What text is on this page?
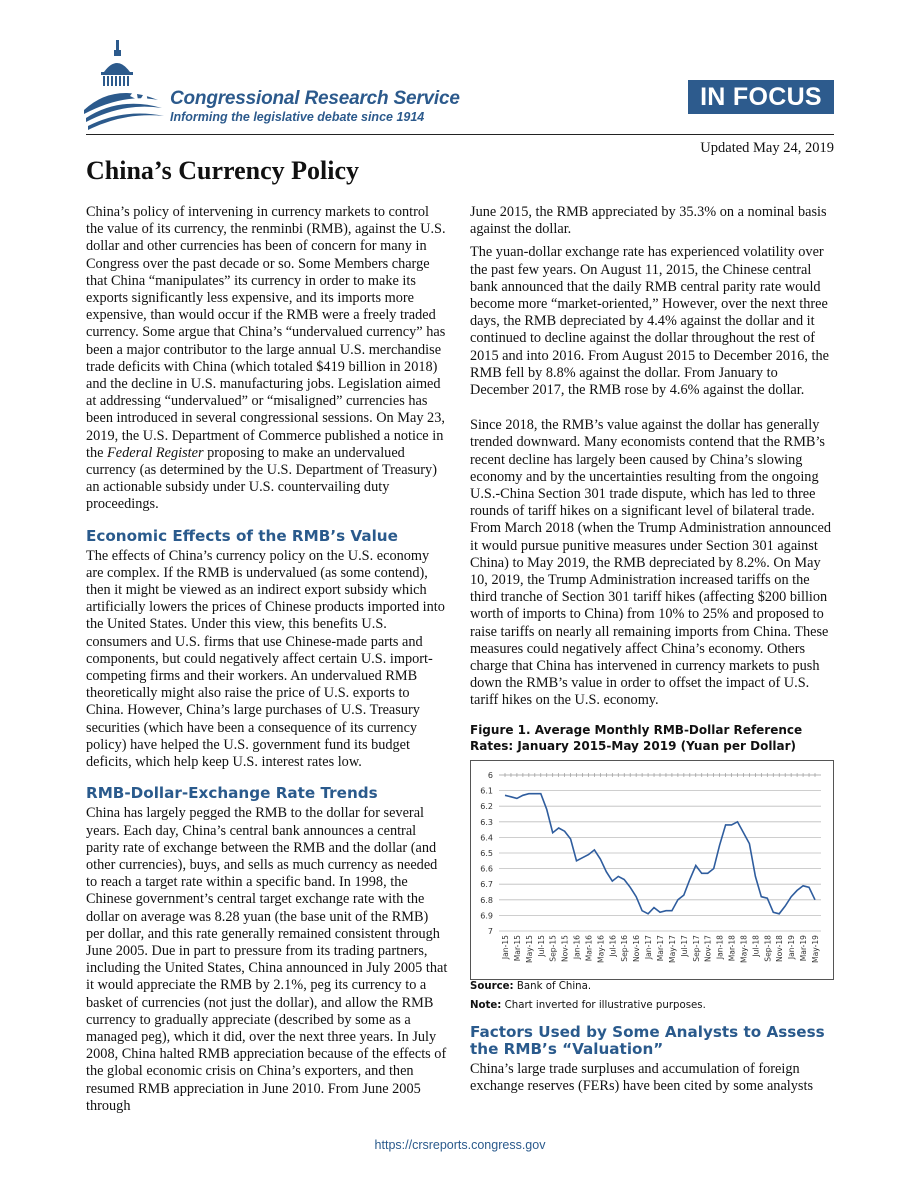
Congressional Research Service
Informing the legislative debate since 1914
IN FOCUS
Updated May 24, 2019
China’s Currency Policy

China’s policy of intervening in currency markets to control the value of its currency, the renminbi (RMB), against the U.S. dollar and other currencies has been of concern for many in Congress over the past decade or so. Some Members charge that China “manipulates” its currency in order to make its exports significantly less expensive, and its imports more expensive, than would occur if the RMB were a freely traded currency. Some argue that China’s “undervalued currency” has been a major contributor to the large annual U.S. merchandise trade deficits with China (which totaled $419 billion in 2018) and the decline in U.S. manufacturing jobs. Legislation aimed at addressing “undervalued” or “misaligned” currencies has been introduced in several congressional sessions. On May 23, 2019, the U.S. Department of Commerce published a notice in the Federal Register proposing to make an undervalued currency (as determined by the U.S. Department of Treasury) an actionable subsidy under U.S. countervailing duty proceedings.

Economic Effects of the RMB’s Value

The effects of China’s currency policy on the U.S. economy are complex. If the RMB is undervalued (as some contend), then it might be viewed as an indirect export subsidy which artificially lowers the prices of Chinese products imported into the United States. Under this view, this benefits U.S. consumers and U.S. firms that use Chinese-made parts and components, but could negatively affect certain U.S. import-competing firms and their workers. An undervalued RMB theoretically might also raise the price of U.S. exports to China. However, China’s large purchases of U.S. Treasury securities (which have been a consequence of its currency policy) have helped the U.S. government fund its budget deficits, which help keep U.S. interest rates low.

RMB-Dollar-Exchange Rate Trends

China has largely pegged the RMB to the dollar for several years. Each day, China’s central bank announces a central parity rate of exchange between the RMB and the dollar (and other currencies), buys, and sells as much currency as needed to reach a target rate within a specific band. In 1998, the Chinese government’s central target exchange rate with the dollar on average was 8.28 yuan (the base unit of the RMB) per dollar, and this rate generally remained consistent through June 2005. Due in part to pressure from its trading partners, including the United States, China announced in July 2005 that it would appreciate the RMB by 2.1%, peg its currency to a basket of currencies (not just the dollar), and allow the RMB currency to gradually appreciate (described by some as a managed peg), which it did, over the next three years. In July 2008, China halted RMB appreciation because of the effects of the global economic crisis on China’s exporters, and then resumed RMB appreciation in June 2010. From June 2005 through

June 2015, the RMB appreciated by 35.3% on a nominal basis against the dollar.

The yuan-dollar exchange rate has experienced volatility over the past few years. On August 11, 2015, the Chinese central bank announced that the daily RMB central parity rate would become more “market-oriented,” However, over the next three days, the RMB depreciated by 4.4% against the dollar and it continued to decline against the dollar throughout the rest of 2015 and into 2016. From August 2015 to December 2016, the RMB fell by 8.8% against the dollar. From January to December 2017, the RMB rose by 4.6% against the dollar.

Since 2018, the RMB’s value against the dollar has generally trended downward. Many economists contend that the RMB’s recent decline has largely been caused by China’s slowing economy and by the uncertainties resulting from the ongoing U.S.-China Section 301 trade dispute, which has led to three rounds of tariff hikes on a significant level of bilateral trade. From March 2018 (when the Trump Administration announced it would pursue punitive measures under Section 301 against China) to May 2019, the RMB depreciated by 8.2%. On May 10, 2019, the Trump Administration increased tariffs on the third tranche of Section 301 tariff hikes (affecting $200 billion worth of imports to China) from 10% to 25% and proposed to raise tariffs on nearly all remaining imports from China. These measures could negatively affect China’s economy. Others charge that China has intervened in currency markets to push down the RMB’s value in order to offset the impact of U.S. tariff hikes on the U.S. economy.

Figure 1. Average Monthly RMB-Dollar Reference Rates: January 2015-May 2019 (Yuan per Dollar)
6
6.1
6.2
6.3
6.4
6.5
6.6
6.7
6.8
6.9
7
Jan-15 Mar-15 May-15 Jul-15 Sep-15 Nov-15 Jan-16 Mar-16 May-16 Jul-16 Sep-16 Nov-16 Jan-17 Mar-17 May-17 Jul-17 Sep-17 Nov-17 Jan-18 Mar-18 May-18 Jul-18 Sep-18 Nov-18 Jan-19 Mar-19 May-19

Source: Bank of China.

Note: Chart inverted for illustrative purposes.

Factors Used by Some Analysts to Assess the RMB’s “Valuation”

China’s large trade surpluses and accumulation of foreign exchange reserves (FERs) have been cited by some analysts

https://crsreports.congress.gov
